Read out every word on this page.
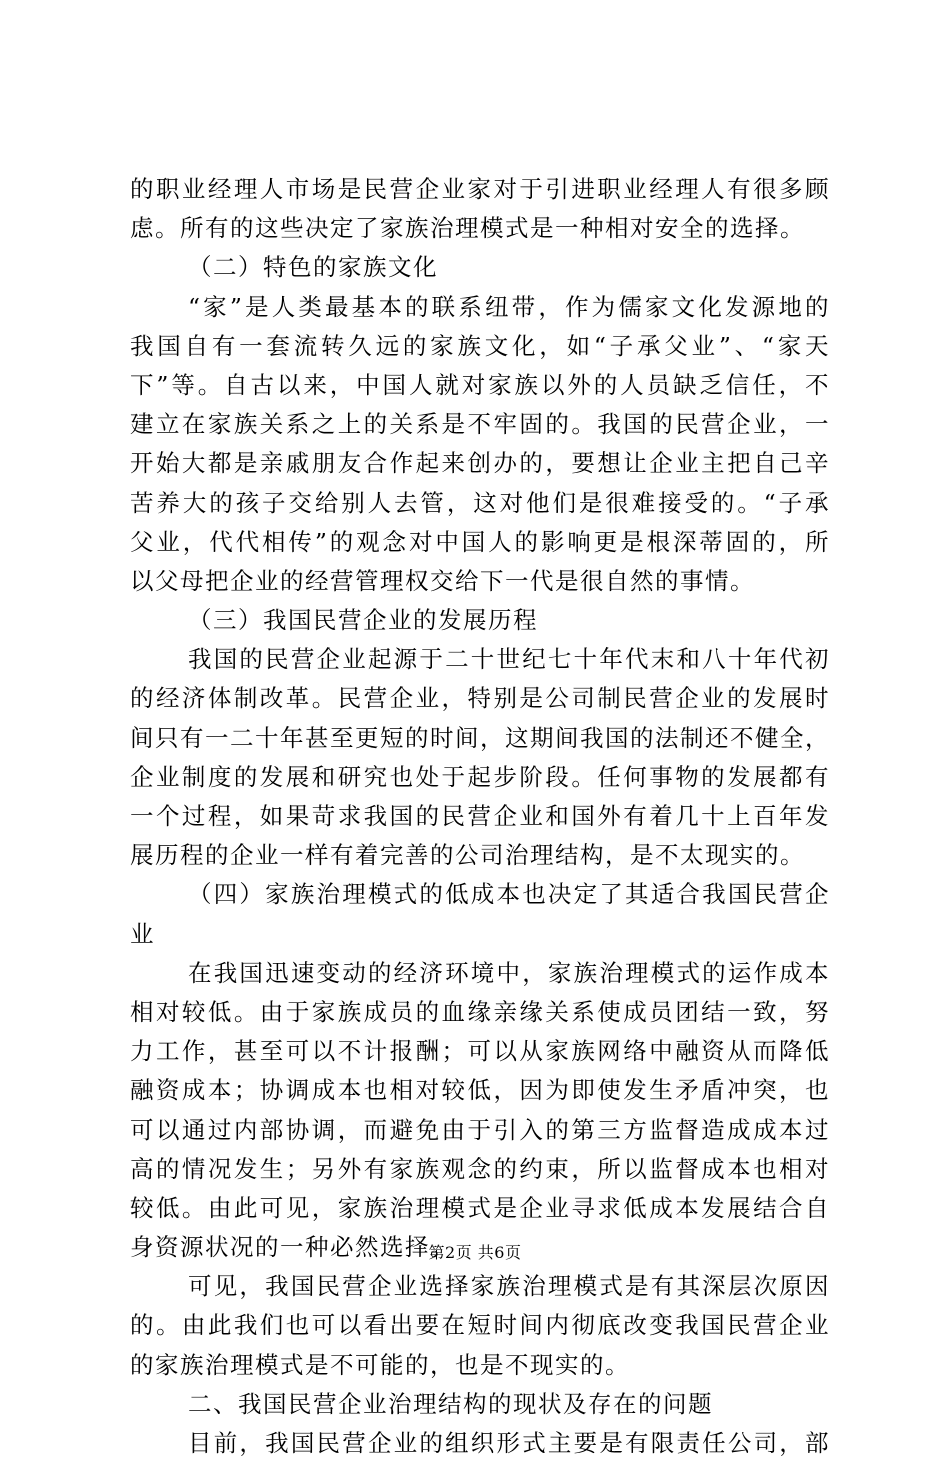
的职业经理人市场是民营企业家对于引进职业经理人有很多顾
虑。所有的这些决定了家族治理模式是一种相对安全的选择。
（二）特色的家族文化
“家”是人类最基本的联系纽带，作为儒家文化发源地的
我国自有一套流转久远的家族文化，如“子承父业”、“家天
下”等。自古以来，中国人就对家族以外的人员缺乏信任，不
建立在家族关系之上的关系是不牢固的。我国的民营企业，一
开始大都是亲戚朋友合作起来创办的，要想让企业主把自己辛
苦养大的孩子交给别人去管，这对他们是很难接受的。“子承
父业，代代相传”的观念对中国人的影响更是根深蒂固的，所
以父母把企业的经营管理权交给下一代是很自然的事情。
（三）我国民营企业的发展历程
我国的民营企业起源于二十世纪七十年代末和八十年代初
的经济体制改革。民营企业，特别是公司制民营企业的发展时
间只有一二十年甚至更短的时间，这期间我国的法制还不健全，
企业制度的发展和研究也处于起步阶段。任何事物的发展都有
一个过程，如果苛求我国的民营企业和国外有着几十上百年发
展历程的企业一样有着完善的公司治理结构，是不太现实的。
（四）家族治理模式的低成本也决定了其适合我国民营企
业
在我国迅速变动的经济环境中，家族治理模式的运作成本
相对较低。由于家族成员的血缘亲缘关系使成员团结一致，努
力工作，甚至可以不计报酬；可以从家族网络中融资从而降低
融资成本；协调成本也相对较低，因为即使发生矛盾冲突，也
可以通过内部协调，而避免由于引入的第三方监督造成成本过
高的情况发生；另外有家族观念的约束，所以监督成本也相对
较低。由此可见，家族治理模式是企业寻求低成本发展结合自
身资源状况的一种必然选择。
可见，我国民营企业选择家族治理模式是有其深层次原因
的。由此我们也可以看出要在短时间内彻底改变我国民营企业
的家族治理模式是不可能的，也是不现实的。
二、我国民营企业治理结构的现状及存在的问题
目前，我国民营企业的组织形式主要是有限责任公司，部
第2页 共6页
